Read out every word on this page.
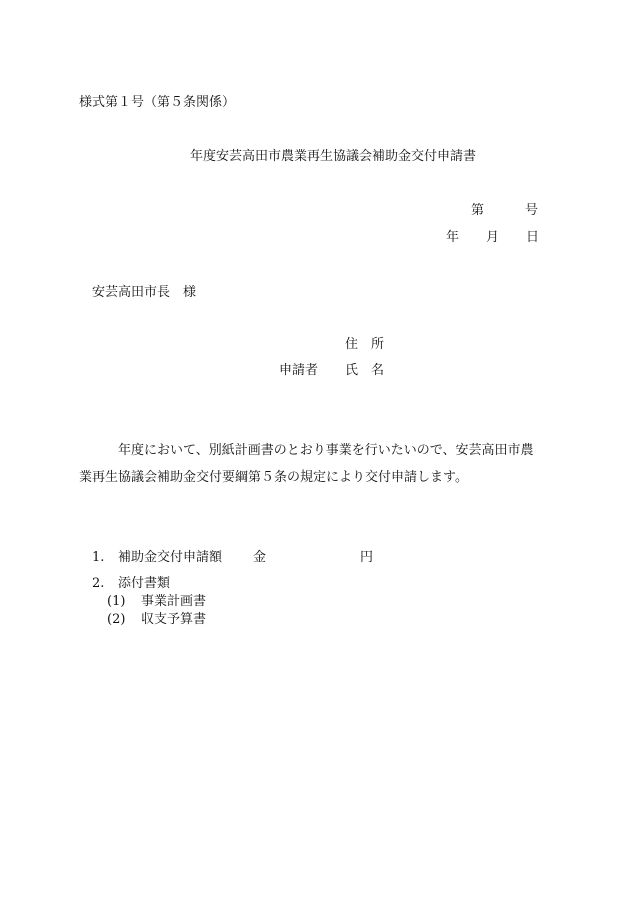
様式第１号（第５条関係）
年度安芸高田市農業再生協議会補助金交付申請書
第	号
年 月 日
安芸高田市長　様
住　所
申請者 氏　名
年度において、別紙計画書のとおり事業を行いたいので、安芸高田市農
業再生協議会補助金交付要綱第５条の規定により交付申請します。
1. 補助金交付申請額 金	円
2. 添付書類
(1) 事業計画書
(2) 収支予算書
